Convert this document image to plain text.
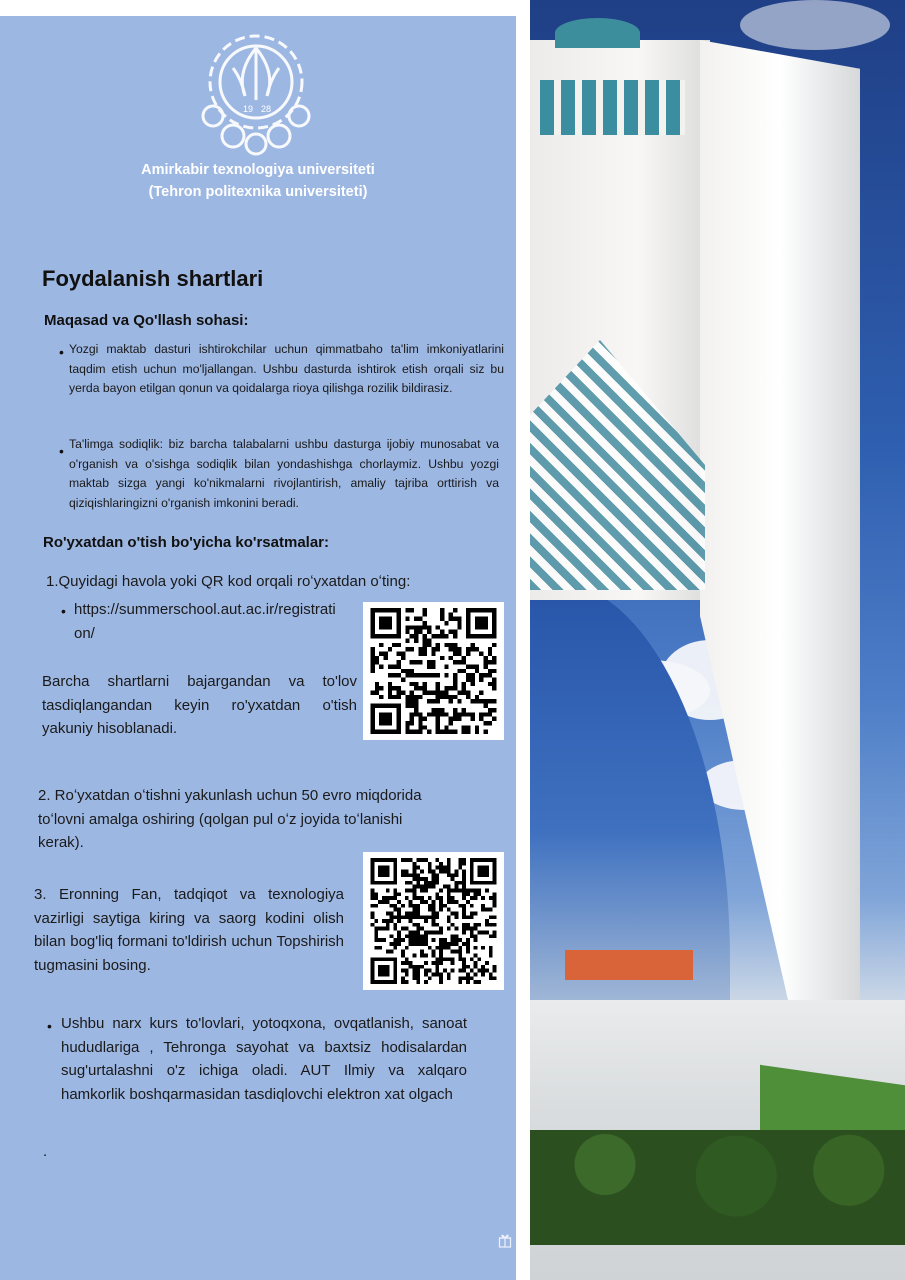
19 28
Amirkabir texnologiya universiteti
(Tehron politexnika universiteti)
Foydalanish shartlari
Maqasad va Qo'llash sohasi:
• Yozgi maktab dasturi ishtirokchilar uchun qimmatbaho ta'lim imkoniyatlarini taqdim etish uchun mo'ljallangan. Ushbu dasturda ishtirok etish orqali siz bu yerda bayon etilgan qonun va qoidalarga rioya qilishga rozilik bildirasiz.
• Ta'limga sodiqlik: biz barcha talabalarni ushbu dasturga ijobiy munosabat va o'rganish va o'sishga sodiqlik bilan yondashishga chorlaymiz. Ushbu yozgi maktab sizga yangi ko'nikmalarni rivojlantirish, amaliy tajriba orttirish va qiziqishlaringizni o'rganish imkonini beradi.
Ro'yxatdan o'tish bo'yicha ko'rsatmalar:
1.Quyidagi havola yoki QR kod orqali roʻyxatdan oʻting:
• https://summerschool.aut.ac.ir/registration/
Barcha shartlarni bajargandan va to'lov tasdiqlangandan keyin ro'yxatdan o'tish yakuniy hisoblanadi.
2. Roʻyxatdan oʻtishni yakunlash uchun 50 evro miqdorida toʻlovni amalga oshiring (qolgan pul oʻz joyida toʻlanishi kerak).
3. Eronning Fan, tadqiqot va texnologiya vazirligi saytiga kiring va saorg kodini olish bilan bog'liq formani to'ldirish uchun Topshirish tugmasini bosing.
• Ushbu narx kurs to'lovlari, yotoqxona, ovqatlanish, sanoat hududlariga , Tehronga sayohat va baxtsiz hodisalardan sug'urtalashni o'z ichiga oladi. AUT Ilmiy va xalqaro hamkorlik boshqarmasidan tasdiqlovchi elektron xat olgach
.
